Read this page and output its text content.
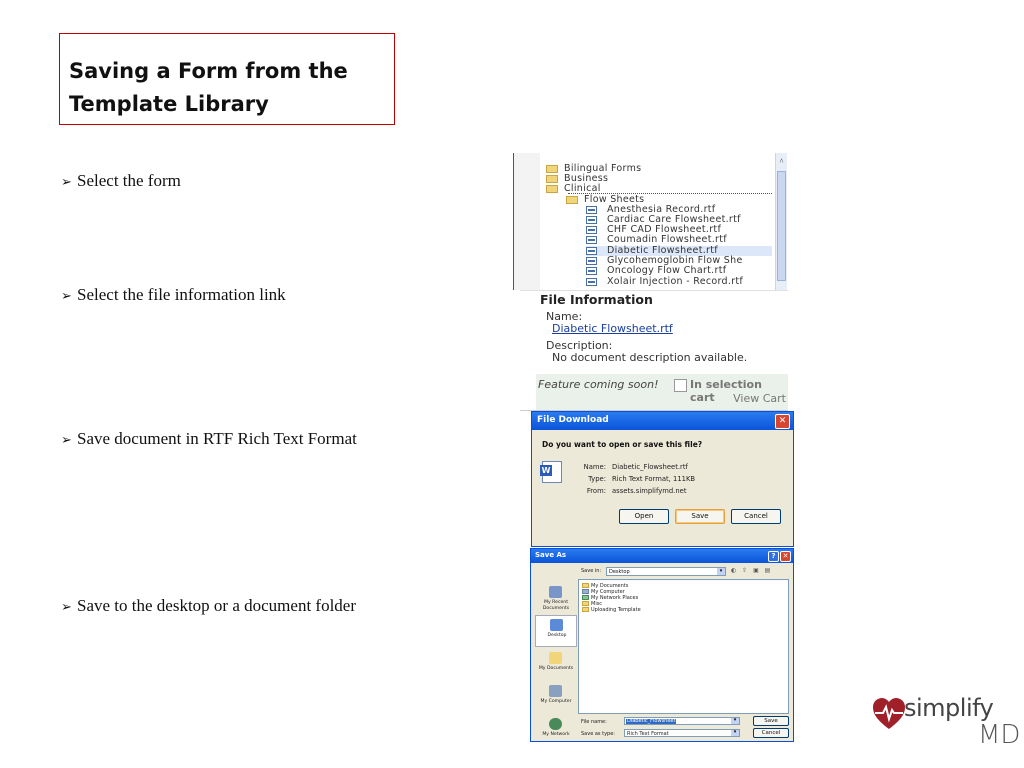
Saving a Form from the Template Library
➢ Select the form
➢ Select the file information link
➢ Save document in RTF Rich Text Format
➢ Save to the desktop or a document folder
Bilingual Forms
Business
Clinical
Flow Sheets
Anesthesia Record.rtf
Cardiac Care Flowsheet.rtf
CHF CAD Flowsheet.rtf
Coumadin Flowsheet.rtf
Diabetic Flowsheet.rtf
Glycohemoglobin Flow She
Oncology Flow Chart.rtf
Xolair Injection - Record.rtf
^
File Information
Name:
Diabetic Flowsheet.rtf
Description:
No document description available.
Feature coming soon!	In selection cart	View Cart
File Download	✕
Do you want to open or save this file?
W	Name: Diabetic_Flowsheet.rtf
Type: Rich Text Format, 111KB
From: assets.simplifymd.net
Open	Save	Cancel
Save As	?	✕
Save in: Desktop	▾	◐ ⇧ ▣ ▤
My Recent Documents
Desktop
My Documents
My Computer
My Network
My Documents
My Computer
My Network Places
Misc
Uploading Template
File name:	Diabetic_Flowsheet	▾	Save
Save as type: Rich Text Format	▾	Cancel
simplify
MD
